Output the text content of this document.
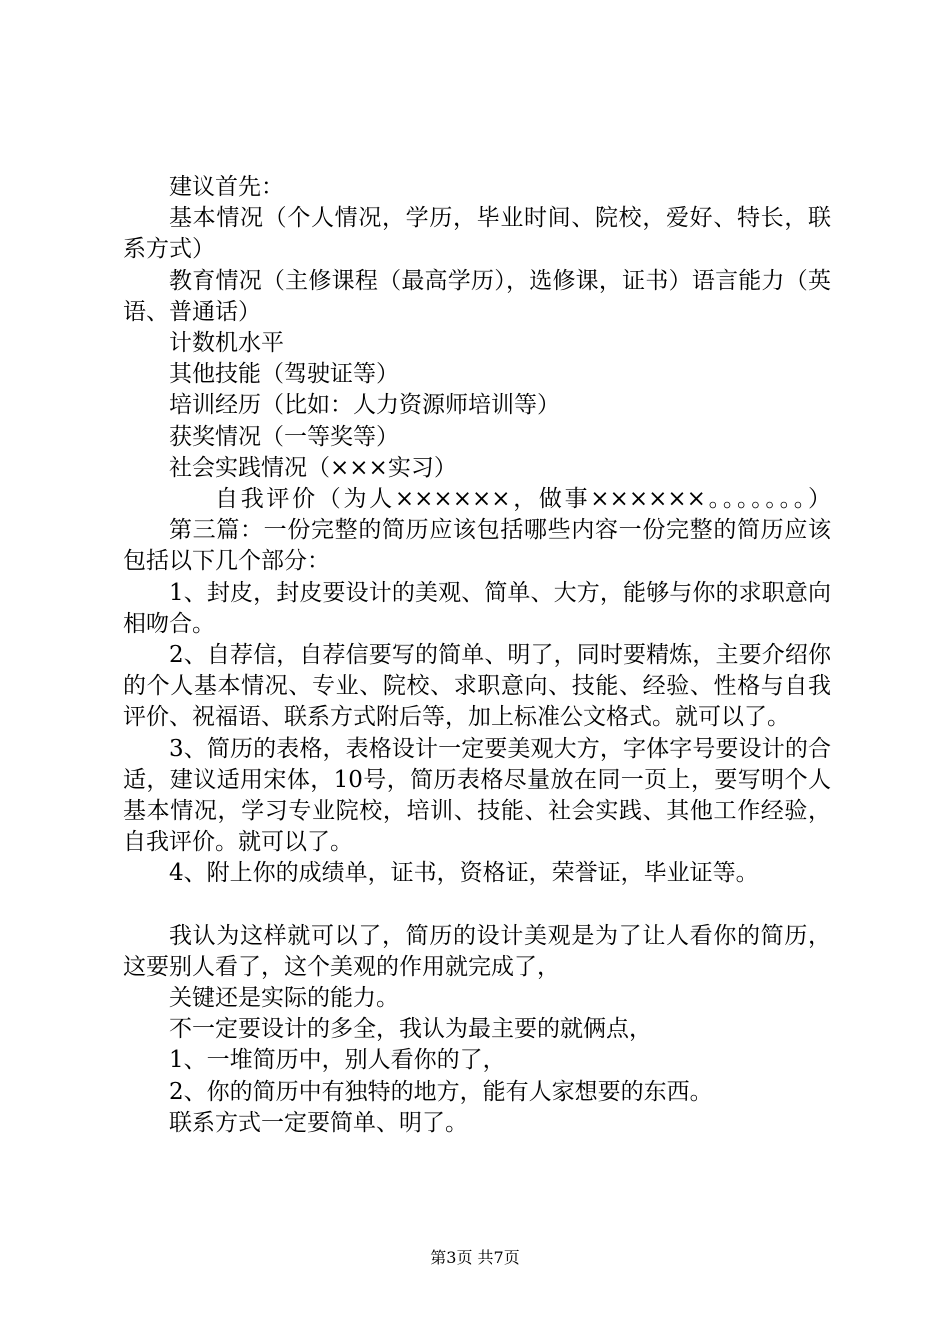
建议首先：

基本情况（个人情况，学历，毕业时间、院校，爱好、特长，联系方式）

教育情况（主修课程（最高学历），选修课，证书）语言能力（英语、普通话）

计数机水平

其他技能（驾驶证等）

培训经历（比如：人力资源师培训等）

获奖情况（一等奖等）

社会实践情况（×××实习）

自我评价（为人××××××，做事××××××。。。。。。。）

第三篇：一份完整的简历应该包括哪些内容一份完整的简历应该包括以下几个部分：

1、封皮，封皮要设计的美观、简单、大方，能够与你的求职意向相吻合。

2、自荐信，自荐信要写的简单、明了，同时要精炼，主要介绍你的个人基本情况、专业、院校、求职意向、技能、经验、性格与自我评价、祝福语、联系方式附后等，加上标准公文格式。就可以了。

3、简历的表格，表格设计一定要美观大方，字体字号要设计的合适，建议适用宋体，10号，简历表格尽量放在同一页上，要写明个人基本情况，学习专业院校，培训、技能、社会实践、其他工作经验，自我评价。就可以了。

4、附上你的成绩单，证书，资格证，荣誉证，毕业证等。

我认为这样就可以了，简历的设计美观是为了让人看你的简历，这要别人看了，这个美观的作用就完成了，

关键还是实际的能力。

不一定要设计的多全，我认为最主要的就俩点，

1、一堆简历中，别人看你的了，

2、你的简历中有独特的地方，能有人家想要的东西。

联系方式一定要简单、明了。

第3页 共7页
